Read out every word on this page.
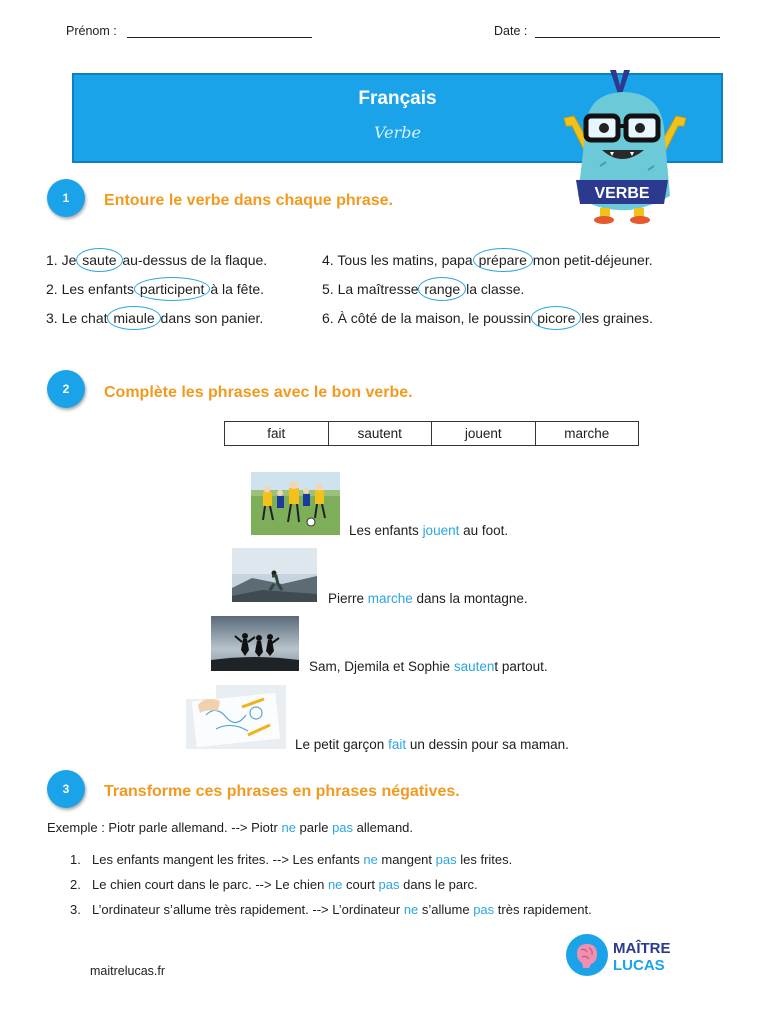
Prénom :	Date :
Français
Verbe
VERBE
1	Entoure le verbe dans chaque phrase.
1. Je saute au-dessus de la flaque.
2. Les enfants participent à la fête.
3. Le chat miaule dans son panier.
4. Tous les matins, papa prépare mon petit-déjeuner.
5. La maîtresse range la classe.
6. À côté de la maison, le poussin picore les graines.
2	Complète les phrases avec le bon verbe.
fait	sautent	jouent	marche
Les enfants jouent au foot.
Pierre marche dans la montagne.
Sam, Djemila et Sophie sautent partout.
Le petit garçon fait un dessin pour sa maman.
3	Transforme ces phrases en phrases négatives.
Exemple : Piotr parle allemand. --> Piotr ne parle pas allemand.
1. Les enfants mangent les frites. --> Les enfants ne mangent pas les frites.
2. Le chien court dans le parc. --> Le chien ne court pas dans le parc.
3. L’ordinateur s’allume très rapidement. --> L’ordinateur ne s’allume pas très rapidement.
maitrelucas.fr
MAÎTRE
LUCAS
